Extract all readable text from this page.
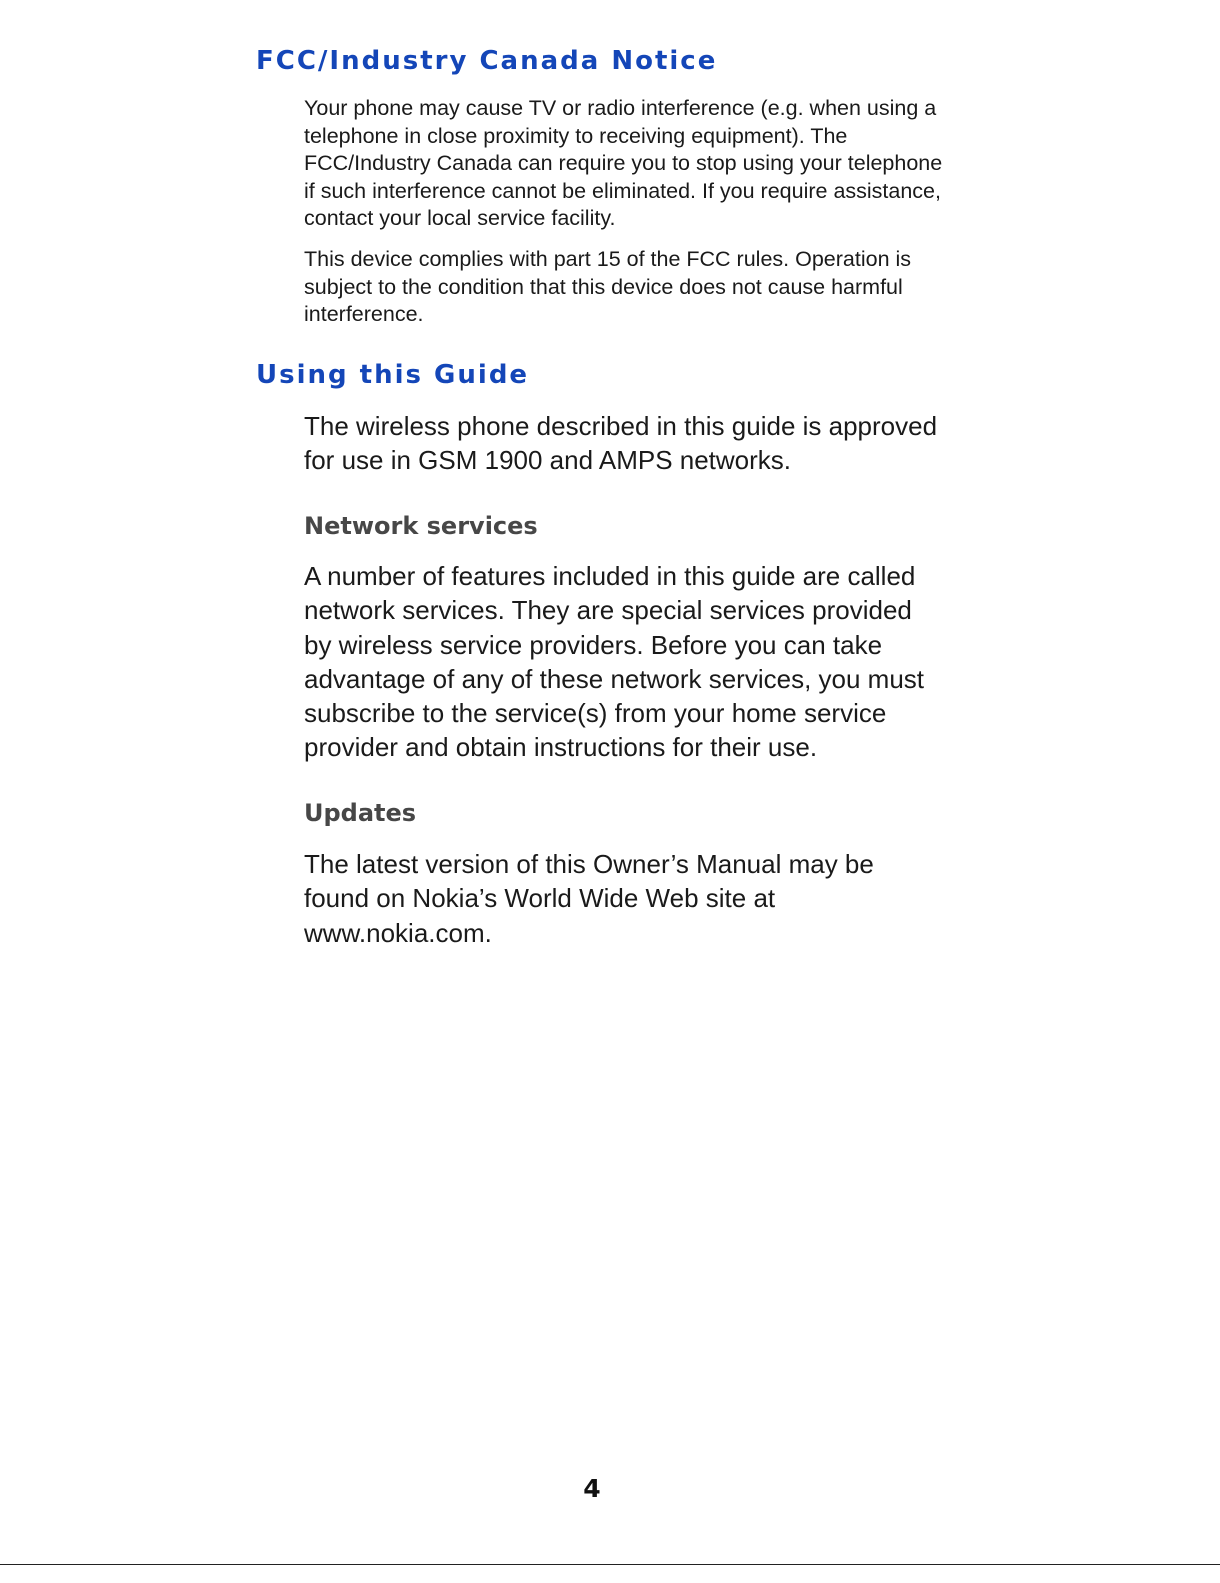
FCC/Industry Canada Notice

Your phone may cause TV or radio interference (e.g. when using a telephone in close proximity to receiving equipment). The FCC/Industry Canada can require you to stop using your telephone if such interference cannot be eliminated. If you require assistance, contact your local service facility.

This device complies with part 15 of the FCC rules. Operation is subject to the condition that this device does not cause harmful interference.

Using this Guide

The wireless phone described in this guide is approved for use in GSM 1900 and AMPS networks.

Network services

A number of features included in this guide are called network services. They are special services provided by wireless service providers. Before you can take advantage of any of these network services, you must subscribe to the service(s) from your home service provider and obtain instructions for their use.

Updates

The latest version of this Owner’s Manual may be found on Nokia’s World Wide Web site at www.nokia.com.

4
